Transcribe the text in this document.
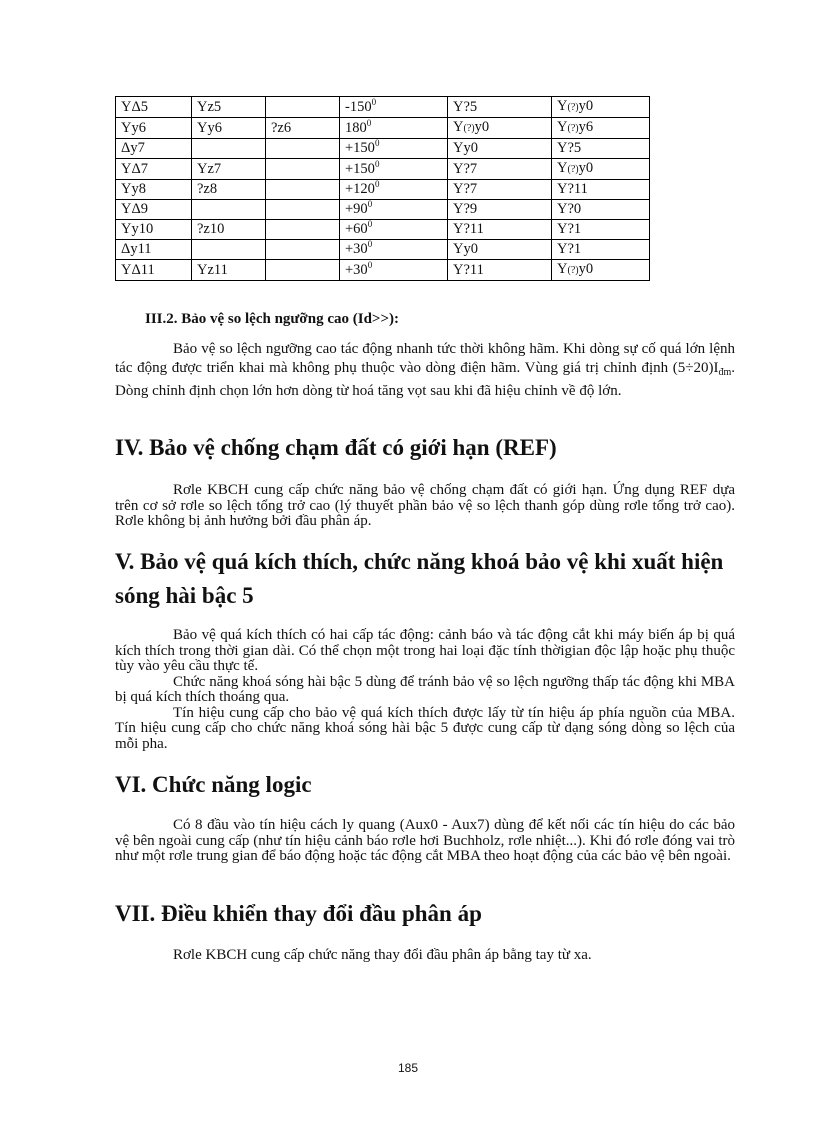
YΔ5	Yz5		$-150^0$	Y?5	Y(?)y0
Yy6	Yy6	?z6	$180^0$	Y(?)y0	Y(?)y6
Δy7			$+150^0$	Yy0	Y?5
YΔ7	Yz7		$+150^0$	Y?7	Y(?)y0
Yy8	?z8		$+120^0$	Y?7	Y?11
YΔ9			$+90^0$	Y?9	Y?0
Yy10	?z10		$+60^0$	Y?11	Y?1
Δy11			$+30^0$	Yy0	Y?1
YΔ11	Yz11		$+30^0$	Y?11	Y(?)y0
III.2. Bảo vệ so lệch ngưỡng cao (Id>>):

Bảo vệ so lệch ngưỡng cao tác động nhanh tức thời không hãm. Khi dòng sự cố quá lớn lệnh tác động được triển khai mà không phụ thuộc vào dòng điện hãm. Vùng giá trị chỉnh định $(5\div 20)I_{đm}$. Dòng chỉnh định chọn lớn hơn dòng từ hoá tăng vọt sau khi đã hiệu chỉnh về độ lớn.

IV. Bảo vệ chống chạm đất có giới hạn (REF)

Rơle KBCH cung cấp chức năng bảo vệ chống chạm đất có giới hạn. Ứng dụng REF dựa trên cơ sở rơle so lệch tổng trở cao (lý thuyết phần bảo vệ so lệch thanh góp dùng rơle tổng trở cao). Rơle không bị ảnh hưởng bởi đầu phân áp.

V. Bảo vệ quá kích thích, chức năng khoá bảo vệ khi xuất hiện sóng hài bậc 5

Bảo vệ quá kích thích có hai cấp tác động: cảnh báo và tác động cắt khi máy biến áp bị quá kích thích trong thời gian dài. Có thể chọn một trong hai loại đặc tính thờigian độc lập hoặc phụ thuộc tùy vào yêu cầu thực tế.

Chức năng khoá sóng hài bậc 5 dùng để tránh bảo vệ so lệch ngưỡng thấp tác động khi MBA bị quá kích thích thoáng qua.

Tín hiệu cung cấp cho bảo vệ quá kích thích được lấy từ tín hiệu áp phía nguồn của MBA. Tín hiệu cung cấp cho chức năng khoá sóng hài bậc 5 được cung cấp từ dạng sóng dòng so lệch của mỗi pha.

VI. Chức năng logic

Có 8 đầu vào tín hiệu cách ly quang (Aux0 - Aux7) dùng để kết nối các tín hiệu do các bảo vệ bên ngoài cung cấp (như tín hiệu cảnh báo rơle hơi Buchholz, rơle nhiệt...). Khi đó rơle đóng vai trò như một rơle trung gian để báo động hoặc tác động cắt MBA theo hoạt động của các bảo vệ bên ngoài.

VII. Điều khiển thay đổi đầu phân áp

Rơle KBCH cung cấp chức năng thay đổi đầu phân áp bằng tay từ xa.

185
